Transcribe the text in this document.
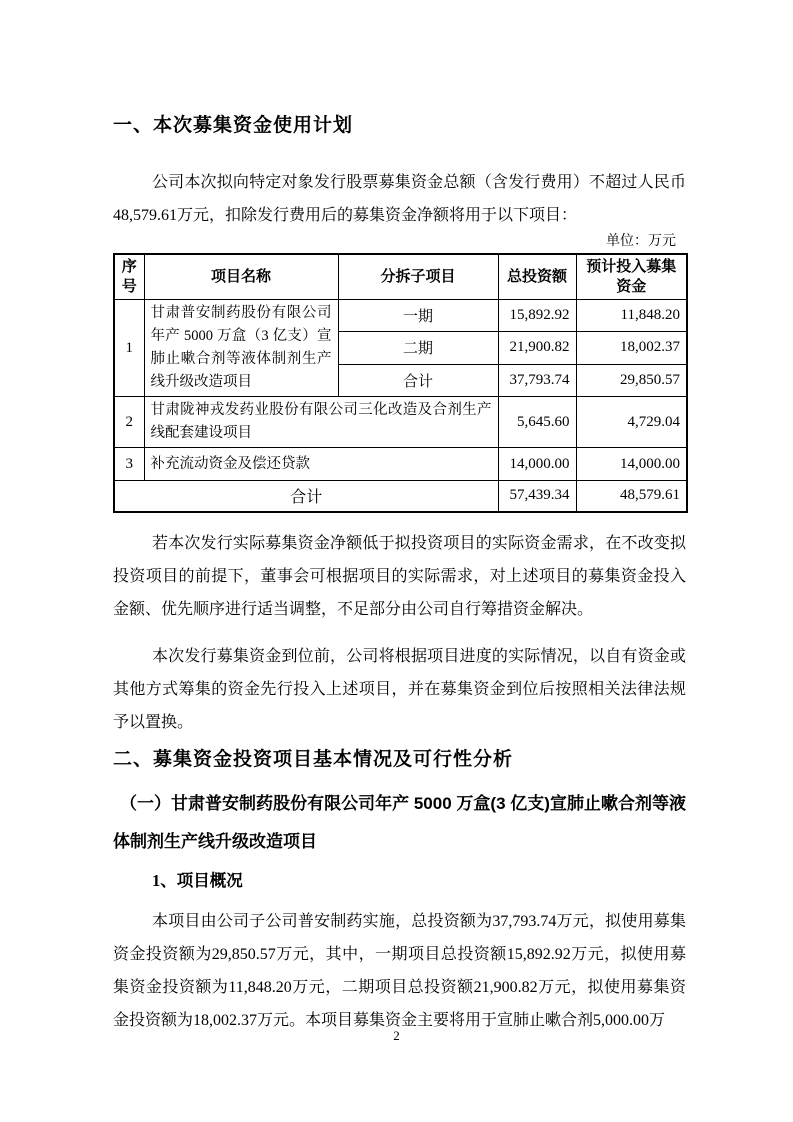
一、本次募集资金使用计划

公司本次拟向特定对象发行股票募集资金总额（含发行费用）不超过人民币48,579.61万元，扣除发行费用后的募集资金净额将用于以下项目：

单位：万元
序号	项目名称	分拆子项目	总投资额	预计投入募集资金
1	甘肃普安制药股份有限公司年产 5000 万盒（3 亿支）宣肺止嗽合剂等液体制剂生产线升级改造项目	一期	15,892.92	11,848.20
		二期	21,900.82	18,002.37
		合计	37,793.74	29,850.57
2	甘肃陇神戎发药业股份有限公司三化改造及合剂生产线配套建设项目		5,645.60	4,729.04
3	补充流动资金及偿还贷款		14,000.00	14,000.00
合计			57,439.34	48,579.61

若本次发行实际募集资金净额低于拟投资项目的实际资金需求，在不改变拟投资项目的前提下，董事会可根据项目的实际需求，对上述项目的募集资金投入金额、优先顺序进行适当调整，不足部分由公司自行筹措资金解决。

本次发行募集资金到位前，公司将根据项目进度的实际情况，以自有资金或其他方式筹集的资金先行投入上述项目，并在募集资金到位后按照相关法律法规予以置换。

二、募集资金投资项目基本情况及可行性分析
（一）甘肃普安制药股份有限公司年产 5000 万盒(3 亿支)宣肺止嗽合剂等液体制剂生产线升级改造项目
1、项目概况

本项目由公司子公司普安制药实施，总投资额为37,793.74万元，拟使用募集资金投资额为29,850.57万元，其中，一期项目总投资额15,892.92万元，拟使用募集资金投资额为11,848.20万元，二期项目总投资额21,900.82万元，拟使用募集资金投资额为18,002.37万元。本项目募集资金主要将用于宣肺止嗽合剂5,000.00万

2
